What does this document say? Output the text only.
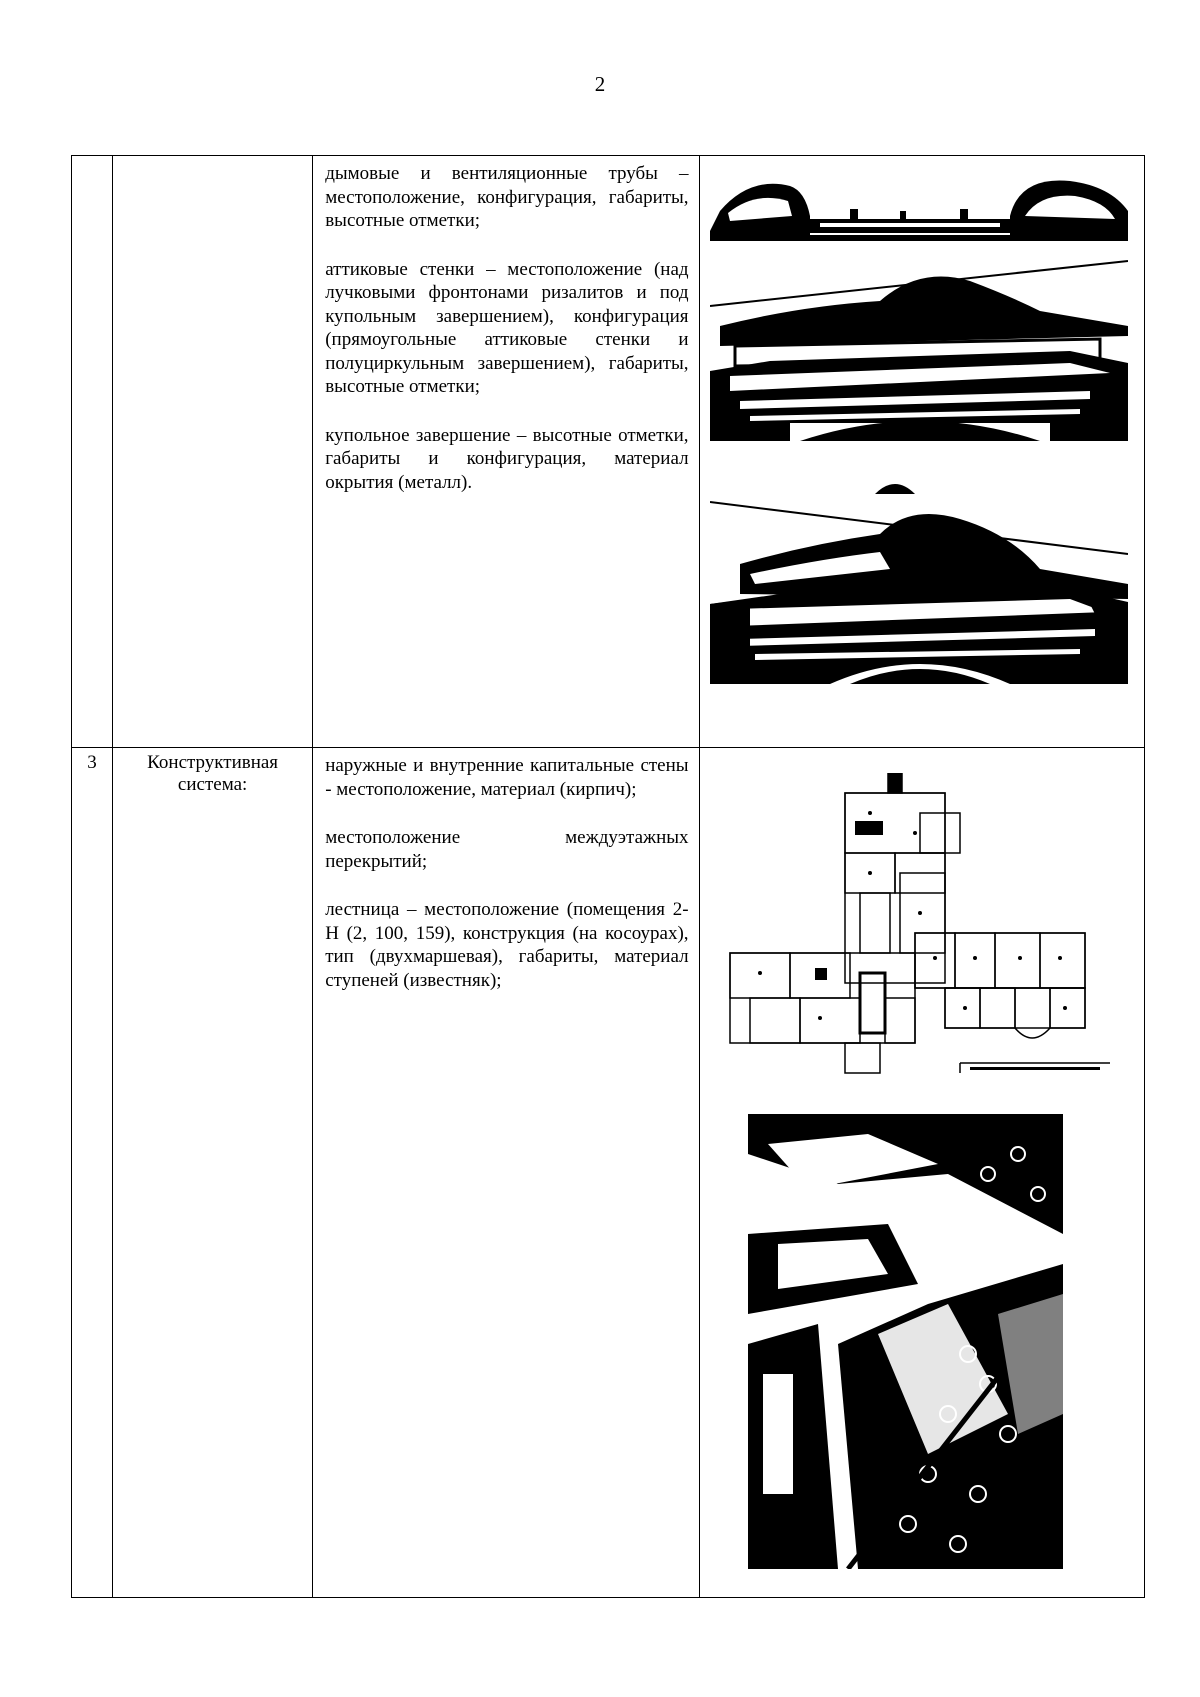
2

		дымовые и вентиляционные трубы – местоположение, конфигурация, габариты, высотные отметки;

аттиковые стенки – местоположение (над лучковыми фронтонами ризалитов и под купольным завершением), конфигурация (прямоугольные аттиковые стенки и полуциркульным завершением), габариты, высотные отметки;

купольное завершение – высотные отметки, габариты и конфигурация, материал окрытия (металл).

3	Конструктивная система:	наружные и внутренние капитальные стены - местоположение, материал (кирпич);

местоположение междуэтажных перекрытий;

лестница – местоположение (помещения 2-Н (2, 100, 159), конструкция (на косоурах), тип (двухмаршевая), габариты, материал ступеней (известняк);
